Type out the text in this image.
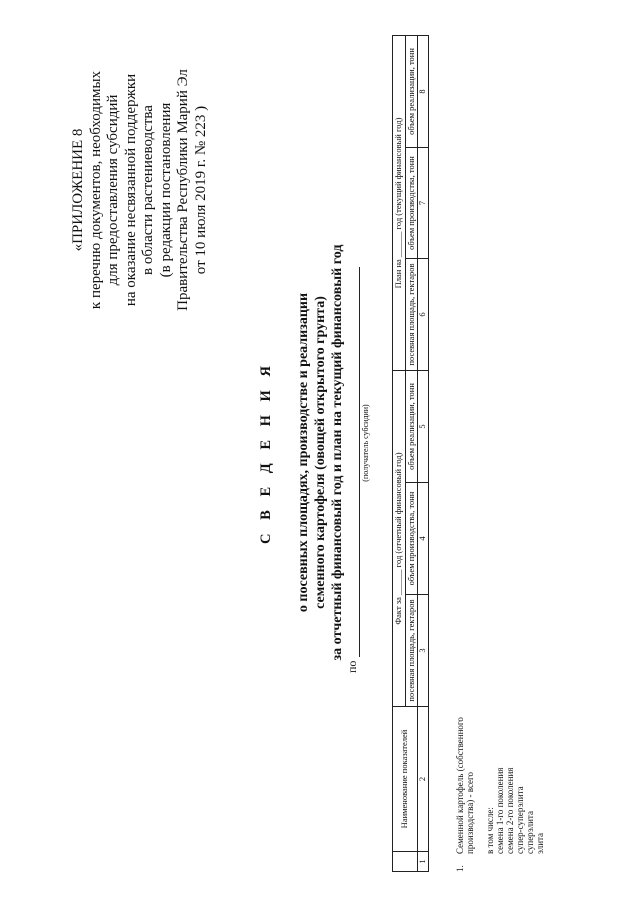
«ПРИЛОЖЕНИЕ 8 к перечню документов, необходимых для предоставления субсидий на оказание несвязанной поддержки в области растениеводства (в редакции постановления Правительства Республики Марий Эл от 10 июля 2019 г. № 223 )
С В Е Д Е Н И Я о посевных площадях, производстве и реализации семенного картофеля (овощей открытого грунта) за отчетный финансовый год и план на текущий финансовый год
по
(получатель субсидии)
	Наименование показателей	Факт за ______ год (отчетный финансовый год)			План на ______ год (текущий финансовый год)		
		посевная площадь, гектаров	объем производства, тонн	объем реализации, тонн	посевная площадь, гектаров	объем производства, тонн	объем реализации, тонн
1	2	3	4	5	6	7	8
1.
Семенной картофель (собственного производства) - всего в том числе: семена 1-го поколения семена 2-го поколения супер-суперэлита суперэлита элита
